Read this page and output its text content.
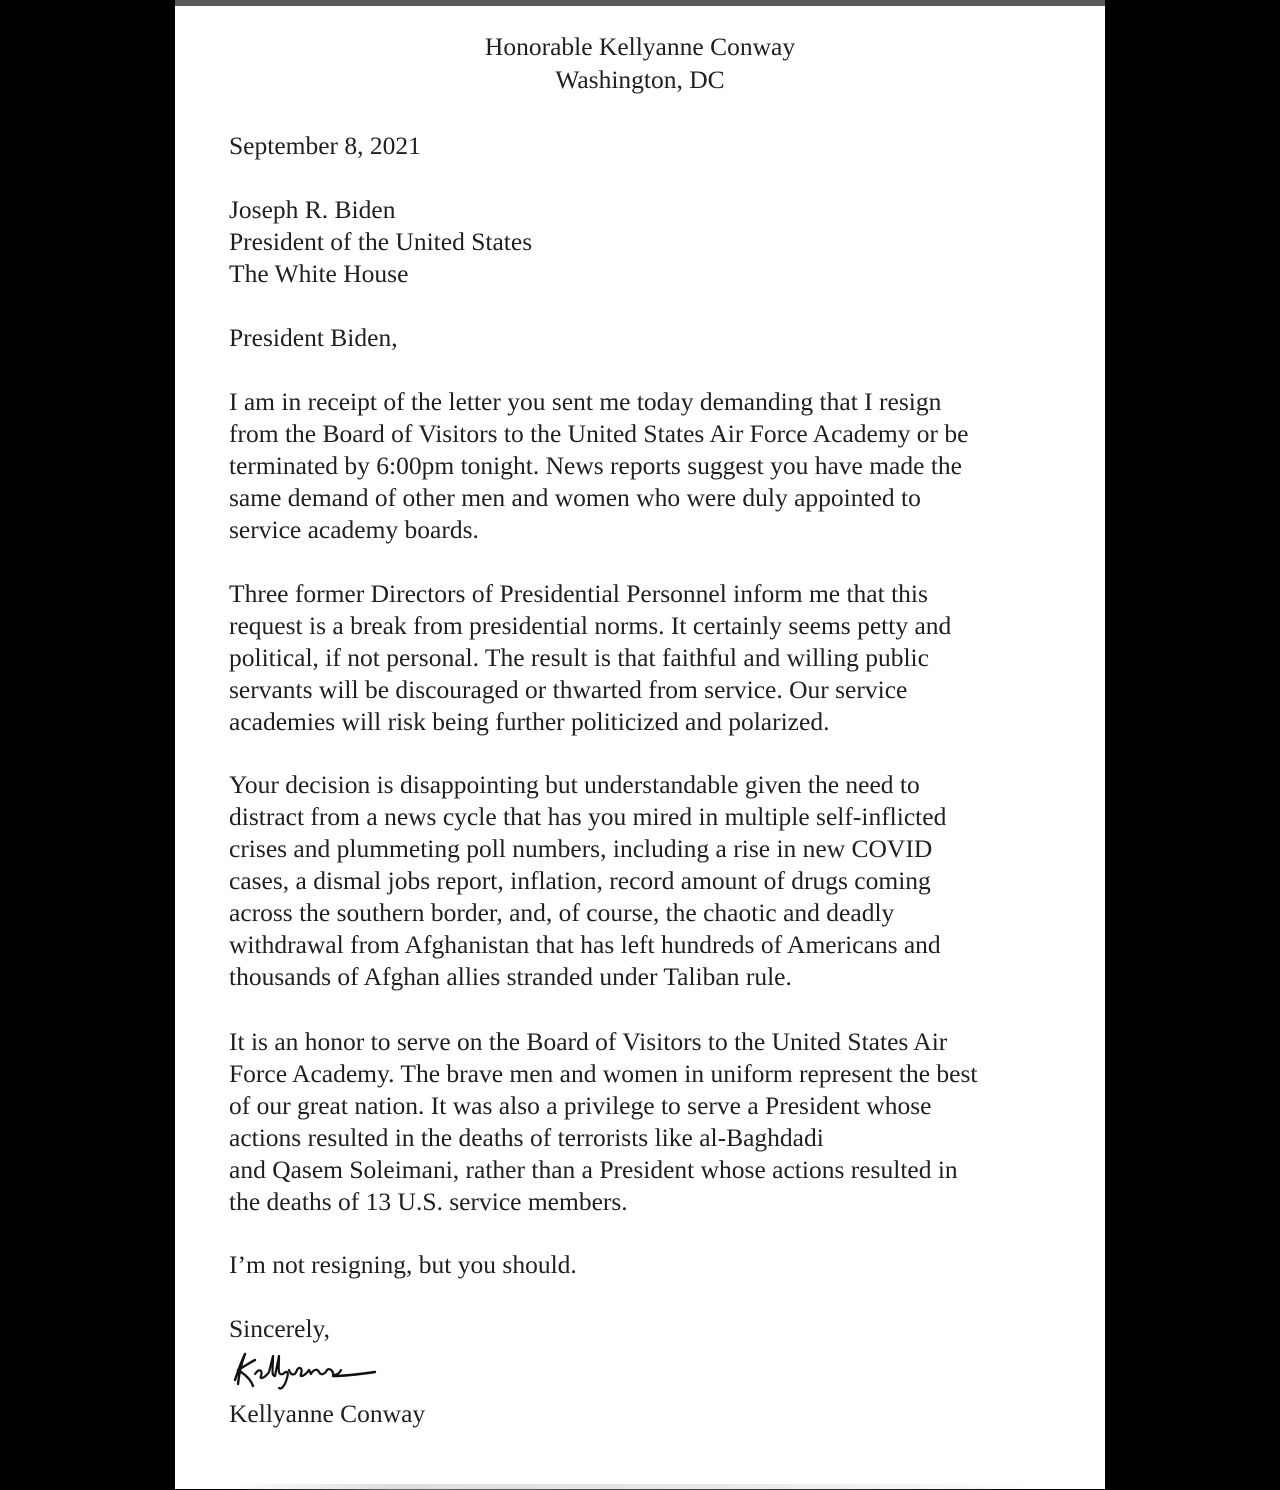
Honorable Kellyanne Conway
Washington, DC
September 8, 2021
Joseph R. Biden
President of the United States
The White House
President Biden,
I am in receipt of the letter you sent me today demanding that I resign
from the Board of Visitors to the United States Air Force Academy or be
terminated by 6:00pm tonight. News reports suggest you have made the
same demand of other men and women who were duly appointed to
service academy boards.
Three former Directors of Presidential Personnel inform me that this
request is a break from presidential norms. It certainly seems petty and
political, if not personal. The result is that faithful and willing public
servants will be discouraged or thwarted from service. Our service
academies will risk being further politicized and polarized.
Your decision is disappointing but understandable given the need to
distract from a news cycle that has you mired in multiple self-inflicted
crises and plummeting poll numbers, including a rise in new COVID
cases, a dismal jobs report, inflation, record amount of drugs coming
across the southern border, and, of course, the chaotic and deadly
withdrawal from Afghanistan that has left hundreds of Americans and
thousands of Afghan allies stranded under Taliban rule.
It is an honor to serve on the Board of Visitors to the United States Air
Force Academy. The brave men and women in uniform represent the best
of our great nation. It was also a privilege to serve a President whose
actions resulted in the deaths of terrorists like al-Baghdadi
and Qasem Soleimani, rather than a President whose actions resulted in
the deaths of 13 U.S. service members.
I’m not resigning, but you should.
Sincerely,
Kellyanne Conway
